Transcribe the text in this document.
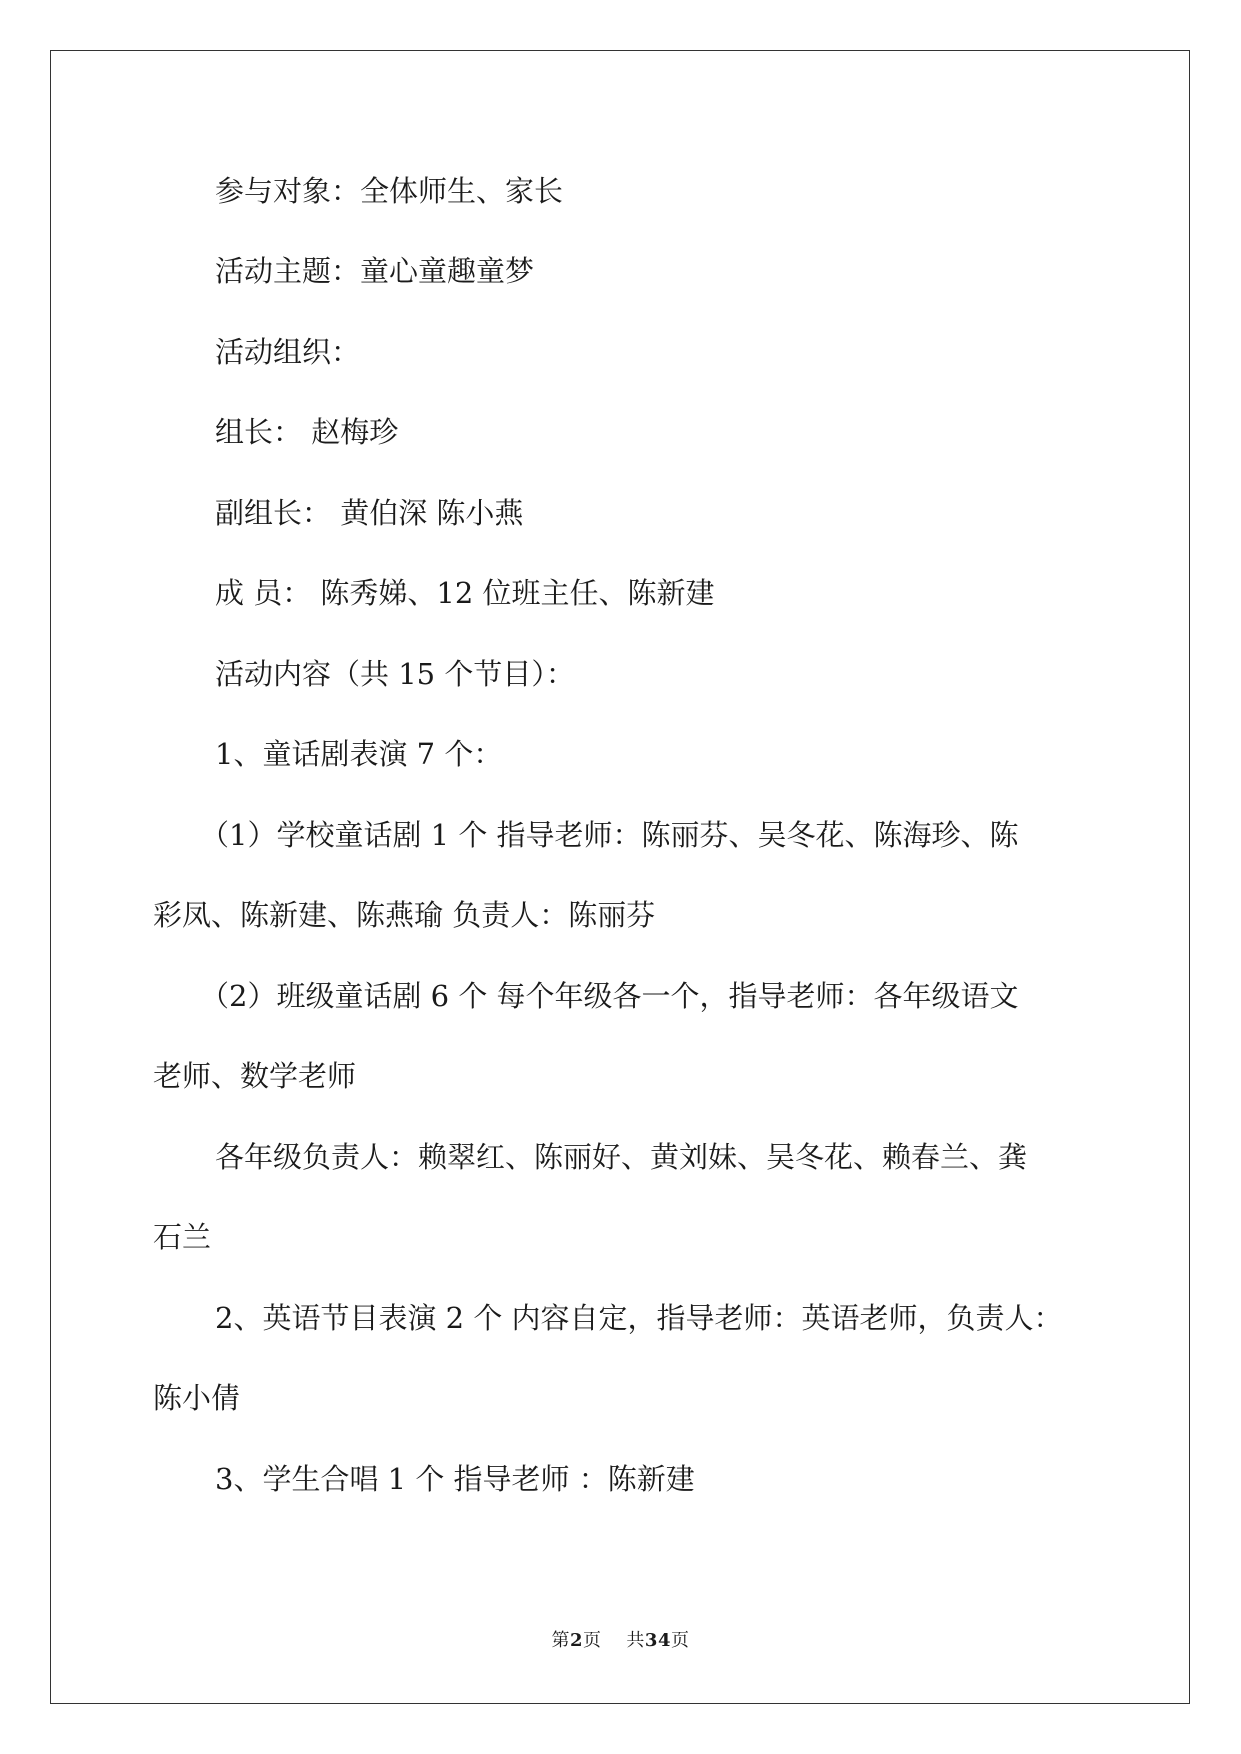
参与对象：全体师生、家长
活动主题：童心童趣童梦
活动组织：
组长： 赵梅珍
副组长： 黄伯深 陈小燕
成 员： 陈秀娣、12 位班主任、陈新建
活动内容（共 15 个节目）：
1、童话剧表演 7 个：
（1）学校童话剧 1 个 指导老师：陈丽芬、吴冬花、陈海珍、陈
彩凤、陈新建、陈燕瑜 负责人：陈丽芬
（2）班级童话剧 6 个 每个年级各一个，指导老师：各年级语文
老师、数学老师
各年级负责人：赖翠红、陈丽好、黄刘妹、吴冬花、赖春兰、龚
石兰
2、英语节目表演 2 个 内容自定，指导老师：英语老师，负责人：
陈小倩
3、学生合唱 1 个 指导老师 ：陈新建
第2页    共34页
